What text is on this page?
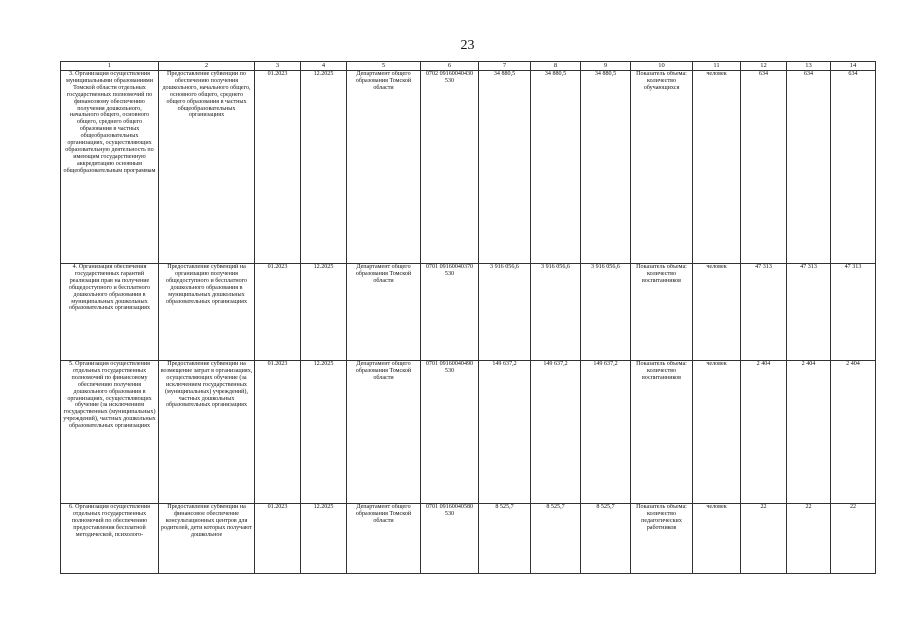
23
1	2	3	4	5	6	7	8	9	10	11	12	13	14
3. Организация осуществления муниципальными образованиями Томской области отдельных государственных полномочий по финансовому обеспечению получения дошкольного, начального общего, основного общего, среднего общего образования в частных общеобразовательных организациях, осуществляющих образовательную деятельность по имеющим государственную аккредитацию основным общеобразовательным программам	Предоставление субвенции по обеспечению получения дошкольного, начального общего, основного общего, среднего общего образования в частных общеобразовательных организациях	01.2023	12.2025	Департамент общего образования Томской области	0702 09160040430 530	34 880,5	34 880,5	34 880,5	Показатель объема: количество обучающихся	человек	634	634	634
4. Организация обеспечения государственных гарантий реализации прав на получение общедоступного и бесплатного дошкольного образования в муниципальных дошкольных образовательных организациях	Предоставление субвенций на организацию получения общедоступного и бесплатного дошкольного образования в муниципальных дошкольных образовательных организациях	01.2023	12.2025	Департамент общего образования Томской области	0701 09160040370 530	3 916 056,6	3 916 056,6	3 916 056,6	Показатель объема: количество воспитанников	человек	47 313	47 313	47 313
5. Организация осуществления отдельных государственных полномочий по финансовому обеспечению получения дошкольного образования в организациях, осуществляющих обучение (за исключением государственных (муниципальных) учреждений), частных дошкольных образовательных организациях	Предоставление субвенции на возмещение затрат в организациях, осуществляющих обучение (за исключением государственных (муниципальных) учреждений), частных дошкольных образовательных организациях	01.2023	12.2025	Департамент общего образования Томской области	0701 09160040490 530	149 637,2	149 637,2	149 637,2	Показатель объема: количество воспитанников	человек	2 404	2 404	2 404
6. Организация осуществления отдельных государственных полномочий по обеспечению предоставления бесплатной методической, психолого-	Предоставление субвенции на финансовое обеспечение консультационных центров для родителей, дети которых получают дошкольное	01.2023	12.2025	Департамент общего образования Томской области	0701 09160040580 530	8 525,7	8 525,7	8 525,7	Показатель объема: количество педагогических работников	человек	22	22	22
